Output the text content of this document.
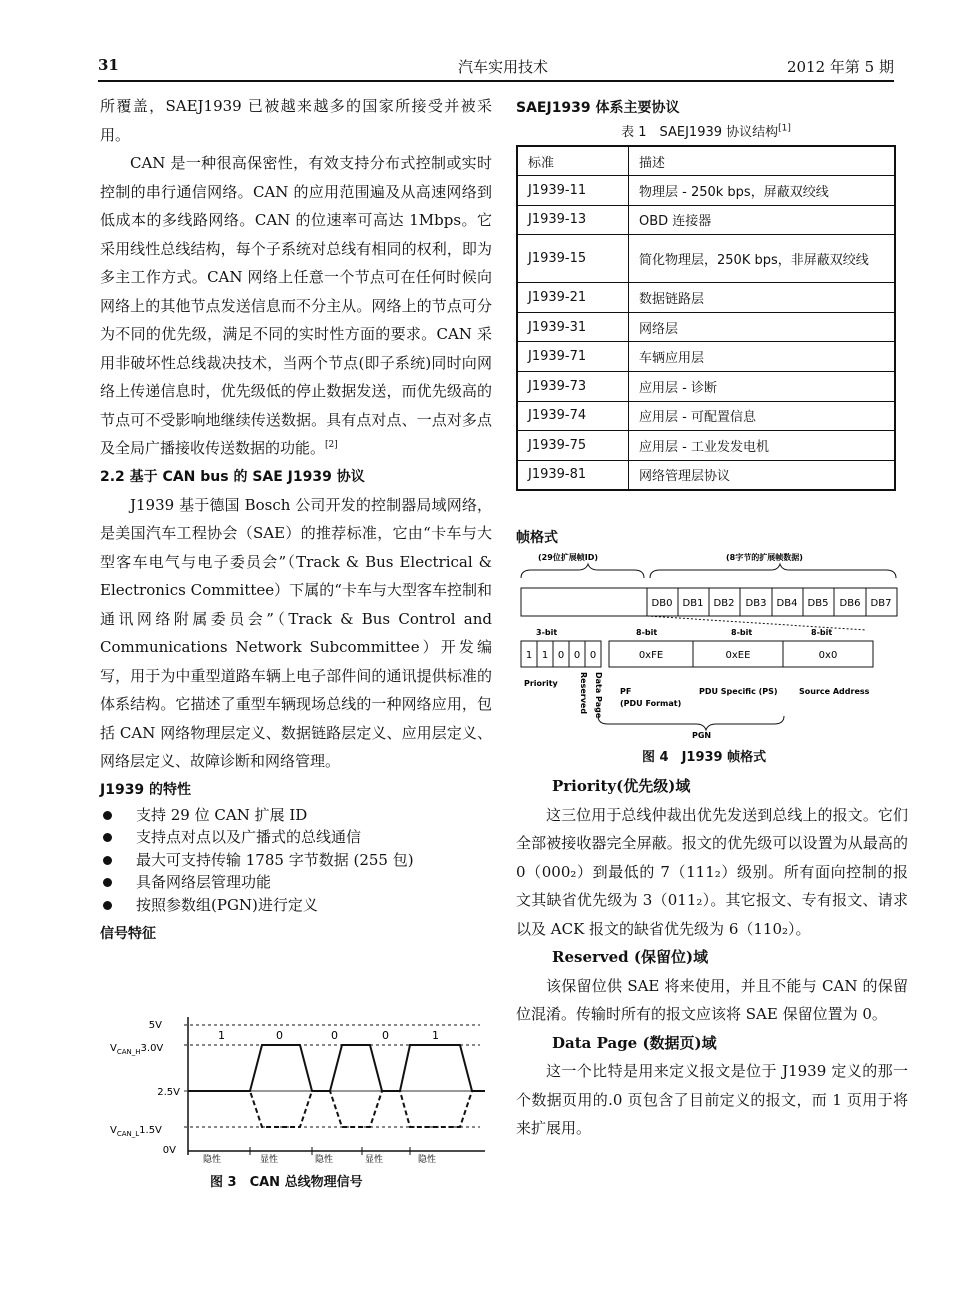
31	汽车实用技术	2012 年第 5 期

所覆盖，SAEJ1939 已被越来越多的国家所接受并被采用。

CAN 是一种很高保密性，有效支持分布式控制或实时控制的串行通信网络。CAN 的应用范围遍及从高速网络到低成本的多线路网络。CAN 的位速率可高达 1Mbps。它采用线性总线结构，每个子系统对总线有相同的权利，即为多主工作方式。CAN 网络上任意一个节点可在任何时候向网络上的其他节点发送信息而不分主从。网络上的节点可分为不同的优先级，满足不同的实时性方面的要求。CAN 采用非破坏性总线裁决技术，当两个节点(即子系统)同时向网络上传递信息时，优先级低的停止数据发送，而优先级高的节点可不受影响地继续传送数据。具有点对点、一点对多点及全局广播接收传送数据的功能。[2]

2.2 基于 CAN bus 的 SAE J1939 协议

J1939 基于德国 Bosch 公司开发的控制器局域网络，是美国汽车工程协会（SAE）的推荐标准，它由“卡车与大型客车电气与电子委员会”（Track & Bus Electrical & Electronics Committee）下属的“卡车与大型客车控制和通讯网络附属委员会”（Track & Bus Control and Communications Network Subcommittee）开发编写，用于为中重型道路车辆上电子部件间的通讯提供标准的体系结构。它描述了重型车辆现场总线的一种网络应用，包括 CAN 网络物理层定义、数据链路层定义、应用层定义、网络层定义、故障诊断和网络管理。

J1939 的特性
支持 29 位 CAN 扩展 ID
支持点对点以及广播式的总线通信
最大可支持传输 1785 字节数据 (255 包)
具备网络层管理功能
按照参数组(PGN)进行定义
信号特征
5V
$V_{CAN\_H}3.0V$
2.5V
$V_{CAN\_L}1.5V$
0V
1	0	0	0	1
隐性	显性	隐性	显性	隐性
图 3　CAN 总线物理信号
SAEJ1939 体系主要协议
表 1　SAEJ1939 协议结构[1]
标准	描述
J1939-11	物理层 - 250k bps，屏蔽双绞线
J1939-13	OBD 连接器
J1939-15	简化物理层，250K bps，非屏蔽双绞线
J1939-21	数据链路层
J1939-31	网络层
J1939-71	车辆应用层
J1939-73	应用层 - 诊断
J1939-74	应用层 - 可配置信息
J1939-75	应用层 - 工业发发电机
J1939-81	网络管理层协议
帧格式
(29位扩展帧ID)	(8字节的扩展帧数据)
DB0 DB1 DB2 DB3 DB4 DB5 DB6 DB7
3-bit	8-bit	8-bit	8-bit
1 1 0 0 0	0xFE	0xEE	0x0
Priority	Reserved Data Page PF
(PDU Format)
PDU Specific (PS)	Source Address
PGN
图 4　J1939 帧格式

Priority(优先级)域

这三位用于总线仲裁出优先发送到总线上的报文。它们全部被接收器完全屏蔽。报文的优先级可以设置为从最高的 0（000₂）到最低的 7（111₂）级别。所有面向控制的报文其缺省优先级为 3（011₂）。其它报文、专有报文、请求以及 ACK 报文的缺省优先级为 6（110₂）。

Reserved (保留位)域

该保留位供 SAE 将来使用，并且不能与 CAN 的保留位混淆。传输时所有的报文应该将 SAE 保留位置为 0。

Data Page (数据页)域

这一个比特是用来定义报文是位于 J1939 定义的那一个数据页用的.0 页包含了目前定义的报文，而 1 页用于将来扩展用。
